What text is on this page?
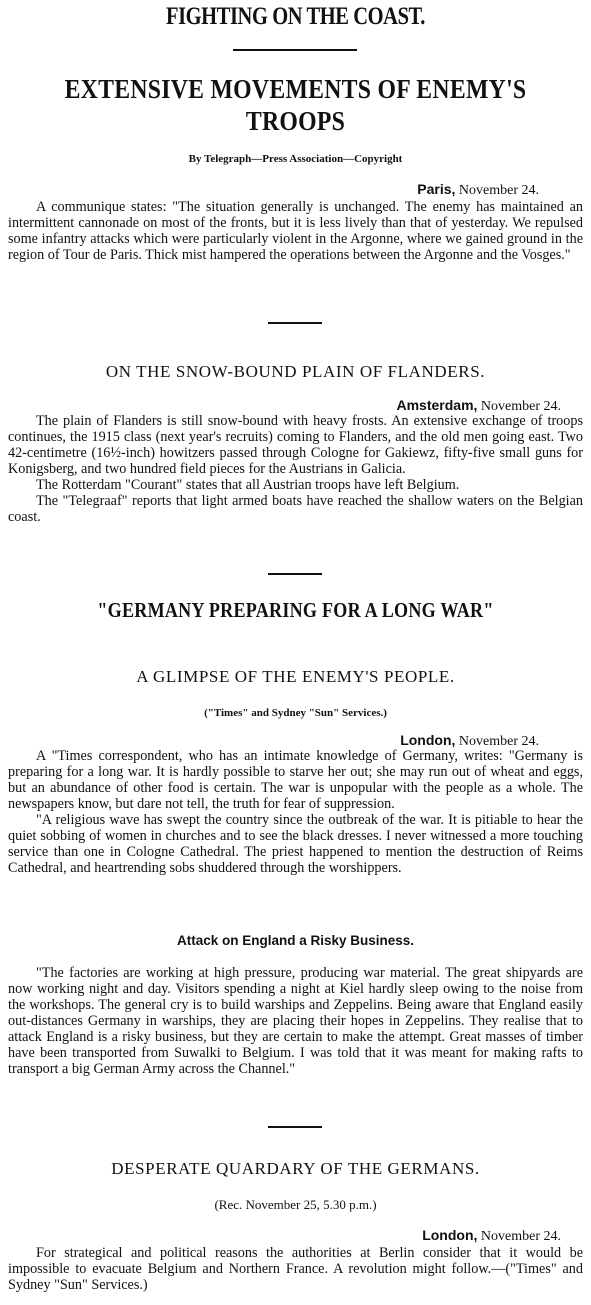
FIGHTING ON THE COAST.
EXTENSIVE MOVEMENTS OF ENEMY'S TROOPS
By Telegraph—Press Association—Copyright
Paris, November 24.

A communique states: "The situation generally is unchanged. The enemy has maintained an intermittent cannonade on most of the fronts, but it is less lively than that of yesterday. We repulsed some infantry attacks which were particularly violent in the Argonne, where we gained ground in the region of Tour de Paris. Thick mist hampered the operations between the Argonne and the Vosges."

ON THE SNOW-BOUND PLAIN OF FLANDERS.
Amsterdam, November 24.

The plain of Flanders is still snow-bound with heavy frosts. An extensive exchange of troops continues, the 1915 class (next year's recruits) coming to Flanders, and the old men going east. Two 42-centimetre (16½-inch) howitzers passed through Cologne for Gakiewz, fifty-five small guns for Konigsberg, and two hundred field pieces for the Austrians in Galicia.

The Rotterdam "Courant" states that all Austrian troops have left Belgium.

The "Telegraaf" reports that light armed boats have reached the shallow waters on the Belgian coast.

"GERMANY PREPARING FOR A LONG WAR"
A GLIMPSE OF THE ENEMY'S PEOPLE.
("Times" and Sydney "Sun" Services.)
London, November 24.

A "Times correspondent, who has an intimate knowledge of Germany, writes: "Germany is preparing for a long war. It is hardly possible to starve her out; she may run out of wheat and eggs, but an abundance of other food is certain. The war is unpopular with the people as a whole. The newspapers know, but dare not tell, the truth for fear of suppression.

"A religious wave has swept the country since the outbreak of the war. It is pitiable to hear the quiet sobbing of women in churches and to see the black dresses. I never witnessed a more touching service than one in Cologne Cathedral. The priest happened to mention the destruction of Reims Cathedral, and heartrending sobs shuddered through the worshippers.

Attack on England a Risky Business.

"The factories are working at high pressure, producing war material. The great shipyards are now working night and day. Visitors spending a night at Kiel hardly sleep owing to the noise from the workshops. The general cry is to build warships and Zeppelins. Being aware that England easily out-distances Germany in warships, they are placing their hopes in Zeppelins. They realise that to attack England is a risky business, but they are certain to make the attempt. Great masses of timber have been transported from Suwalki to Belgium. I was told that it was meant for making rafts to transport a big German Army across the Channel."

DESPERATE QUARDARY OF THE GERMANS.
(Rec. November 25, 5.30 p.m.)
London, November 24.

For strategical and political reasons the authorities at Berlin consider that it would be impossible to evacuate Belgium and Northern France. A revolution might follow.—("Times" and Sydney "Sun" Services.)
